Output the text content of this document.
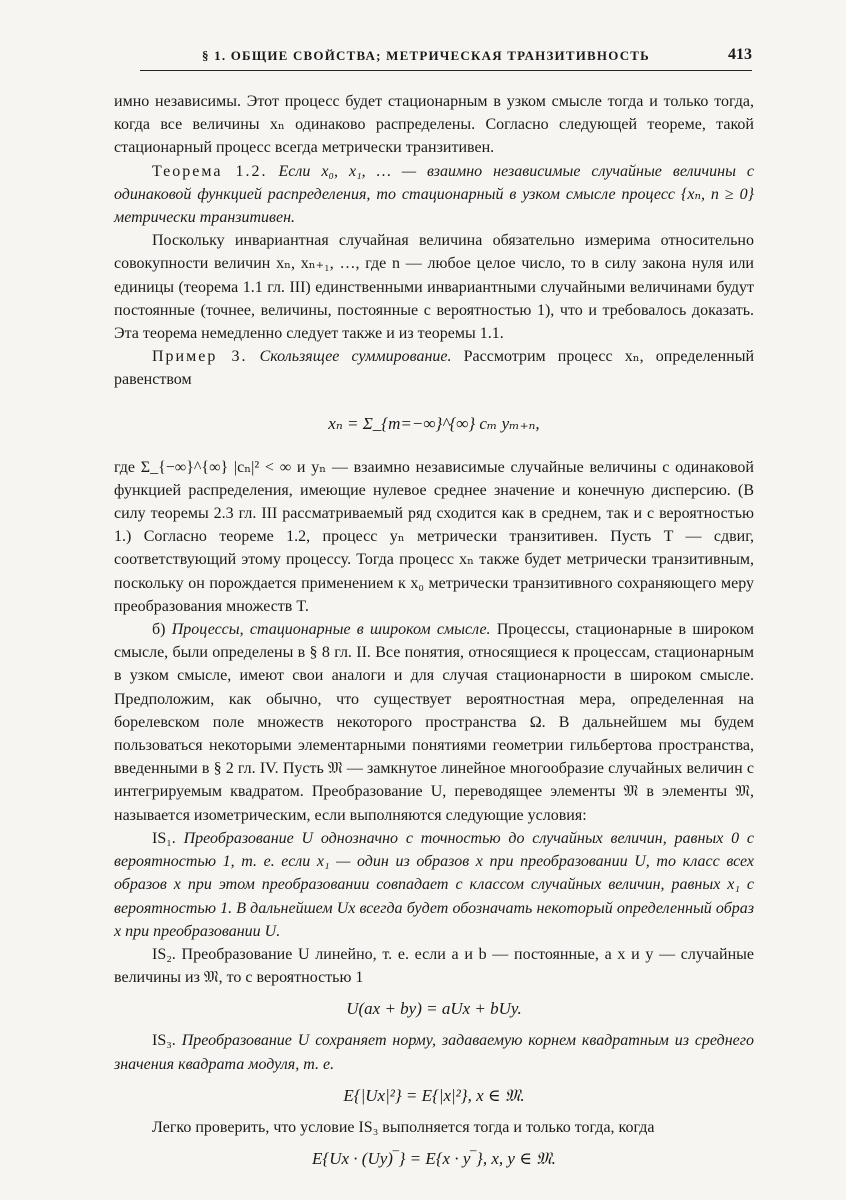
§ 1. ОБЩИЕ СВОЙСТВА; МЕТРИЧЕСКАЯ ТРАНЗИТИВНОСТЬ	413

имно независимы. Этот процесс будет стационарным в узком смысле тогда и только тогда, когда все величины xₙ одинаково распределены. Согласно следующей теореме, такой стационарный процесс всегда метрически транзитивен.

Теорема 1.2. Если x₀, x₁, … — взаимно независимые случайные величины с одинаковой функцией распределения, то стационарный в узком смысле процесс {xₙ, n ≥ 0} метрически транзитивен.

Поскольку инвариантная случайная величина обязательно измерима относительно совокупности величин xₙ, xₙ₊₁, …, где n — любое целое число, то в силу закона нуля или единицы (теорема 1.1 гл. III) единственными инвариантными случайными величинами будут постоянные (точнее, величины, постоянные с вероятностью 1), что и требовалось доказать. Эта теорема немедленно следует также и из теоремы 1.1.

Пример 3. Скользящее суммирование. Рассмотрим процесс xₙ, определенный равенством

xₙ = Σ_{m=−∞}^{∞} cₘ yₘ₊ₙ,

где Σ_{−∞}^{∞} |cₙ|² < ∞ и yₙ — взаимно независимые случайные величины с одинаковой функцией распределения, имеющие нулевое среднее значение и конечную дисперсию. (В силу теоремы 2.3 гл. III рассматриваемый ряд сходится как в среднем, так и с вероятностью 1.) Согласно теореме 1.2, процесс yₙ метрически транзитивен. Пусть T — сдвиг, соответствующий этому процессу. Тогда процесс xₙ также будет метрически транзитивным, поскольку он порождается применением к x₀ метрически транзитивного сохраняющего меру преобразования множеств T.

б) Процессы, стационарные в широком смысле. Процессы, стационарные в широком смысле, были определены в § 8 гл. II. Все понятия, относящиеся к процессам, стационарным в узком смысле, имеют свои аналоги и для случая стационарности в широком смысле. Предположим, как обычно, что существует вероятностная мера, определенная на борелевском поле множеств некоторого пространства Ω. В дальнейшем мы будем пользоваться некоторыми элементарными понятиями геометрии гильбертова пространства, введенными в § 2 гл. IV. Пусть 𝔐 — замкнутое линейное многообразие случайных величин с интегрируемым квадратом. Преобразование U, переводящее элементы 𝔐 в элементы 𝔐, называется изометрическим, если выполняются следующие условия:

IS₁. Преобразование U однозначно с точностью до случайных величин, равных 0 с вероятностью 1, т. е. если x₁ — один из образов x при преобразовании U, то класс всех образов x при этом преобразовании совпадает с классом случайных величин, равных x₁ с вероятностью 1. В дальнейшем Ux всегда будет обозначать некоторый определенный образ x при преобразовании U.

IS₂. Преобразование U линейно, т. е. если a и b — постоянные, а x и y — случайные величины из 𝔐, то с вероятностью 1

U(ax + by) = aUx + bUy.

IS₃. Преобразование U сохраняет норму, задаваемую корнем квадратным из среднего значения квадрата модуля, т. е.

E{|Ux|²} = E{|x|²}, x ∈ 𝔐.

Легко проверить, что условие IS₃ выполняется тогда и только тогда, когда

E{Ux · (Uy)‾} = E{x · y‾}, x, y ∈ 𝔐.
